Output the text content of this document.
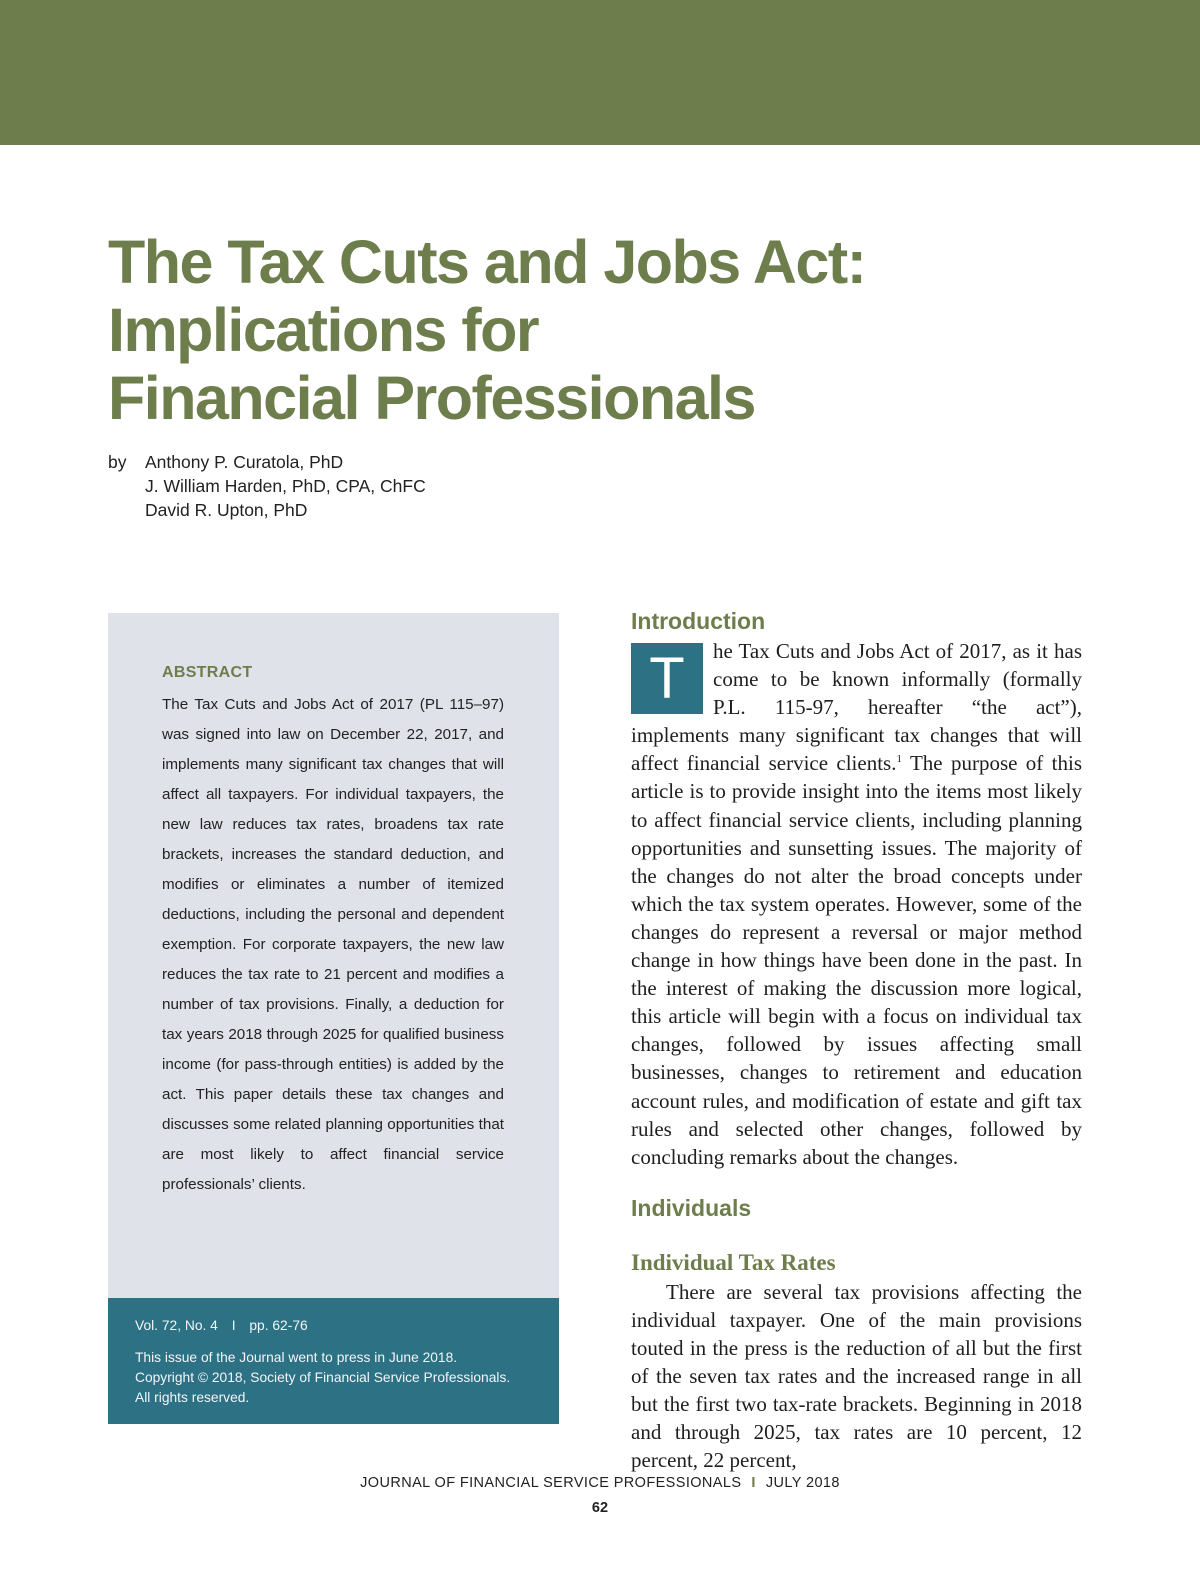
The Tax Cuts and Jobs Act:
Implications for
Financial Professionals
by Anthony P. Curatola, PhD
J. William Harden, PhD, CPA, ChFC
David R. Upton, PhD
ABSTRACT
The Tax Cuts and Jobs Act of 2017 (PL 115–97) was signed into law on December 22, 2017, and implements many significant tax changes that will affect all taxpayers. For individual taxpayers, the new law reduces tax rates, broadens tax rate brackets, increases the standard deduction, and modifies or eliminates a number of itemized deductions, including the personal and dependent exemption. For corporate taxpayers, the new law reduces the tax rate to 21 percent and modifies a number of tax provisions. Finally, a deduction for tax years 2018 through 2025 for qualified business income (for pass-through entities) is added by the act. This paper details these tax changes and discusses some related planning opportunities that are most likely to affect financial service professionals’ clients.
Vol. 72, No. 4 I pp. 62-76
This issue of the Journal went to press in June 2018.
Copyright © 2018, Society of Financial Service Professionals.
All rights reserved.
Introduction

T	he Tax Cuts and Jobs Act of 2017, as it has come to be known informally (formally P.L. 115-97, hereafter “the act”), implements many significant tax changes that will affect financial service clients.$^1$ The purpose of this article is to provide insight into the items most likely to affect financial service clients, including planning opportunities and sunsetting issues. The majority of the changes do not alter the broad concepts under which the tax system operates. However, some of the changes do represent a reversal or major method change in how things have been done in the past. In the interest of making the discussion more logical, this article will begin with a focus on individual tax changes, followed by issues affecting small businesses, changes to retirement and education account rules, and modification of estate and gift tax rules and selected other changes, followed by concluding remarks about the changes.

Individuals
Individual Tax Rates

There are several tax provisions affecting the individual taxpayer. One of the main provisions touted in the press is the reduction of all but the first of the seven tax rates and the increased range in all but the first two tax-rate brackets. Beginning in 2018 and through 2025, tax rates are 10 percent, 12 percent, 22 percent,

JOURNAL OF FINANCIAL SERVICE PROFESSIONALS I JULY 2018
62
